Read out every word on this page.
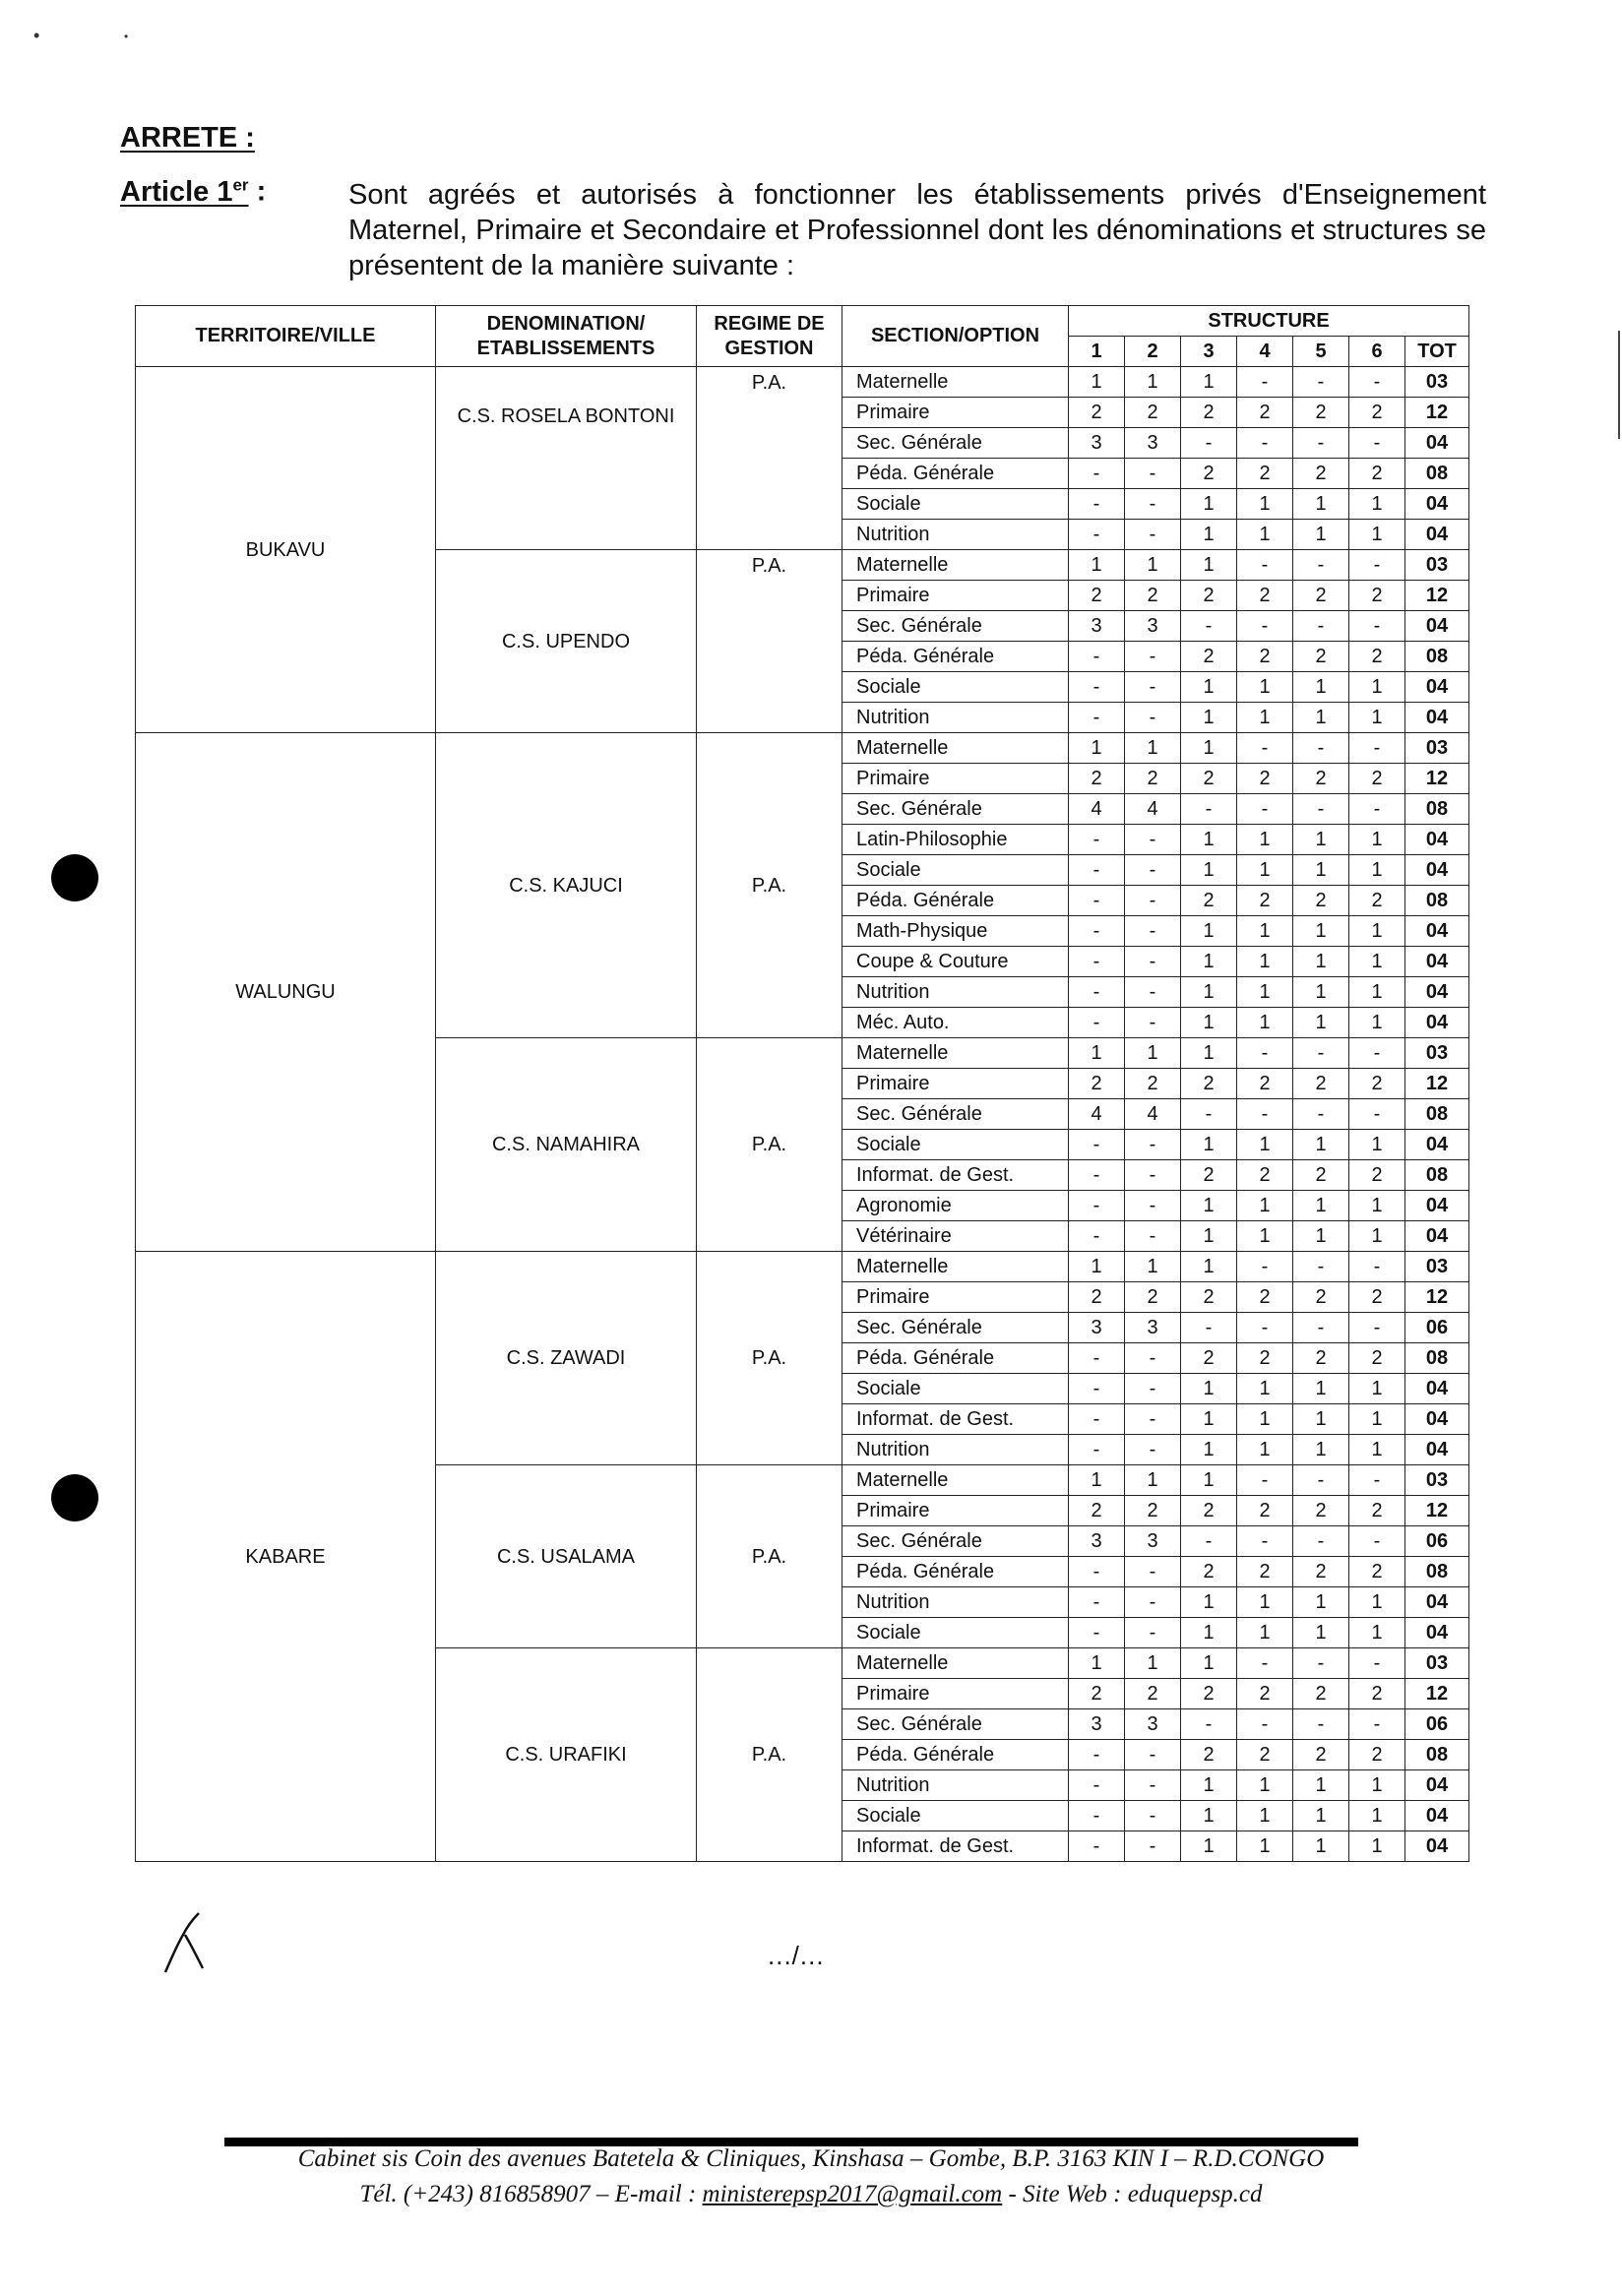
•	•
ARRETE :
Article 1er :	Sont agréés et autorisés à fonctionner les établissements privés d'Enseignement Maternel, Primaire et Secondaire et Professionnel dont les dénominations et structures se présentent de la manière suivante :
TERRITOIRE/VILLE	DENOMINATION/ ETABLISSEMENTS	REGIME DE GESTION	SECTION/OPTION	STRUCTURE						
				1	2	3	4	5	6	TOT
BUKAVU	C.S. ROSELA BONTONI	P.A.	Maternelle	1	1	1	-	-	-	03
			Primaire	2	2	2	2	2	2	12
			Sec. Générale	3	3	-	-	-	-	04
			Péda. Générale	-	-	2	2	2	2	08
			Sociale	-	-	1	1	1	1	04
			Nutrition	-	-	1	1	1	1	04
	C.S. UPENDO	P.A.	Maternelle	1	1	1	-	-	-	03
			Primaire	2	2	2	2	2	2	12
			Sec. Générale	3	3	-	-	-	-	04
			Péda. Générale	-	-	2	2	2	2	08
			Sociale	-	-	1	1	1	1	04
			Nutrition	-	-	1	1	1	1	04
WALUNGU	C.S. KAJUCI	P.A.	Maternelle	1	1	1	-	-	-	03
			Primaire	2	2	2	2	2	2	12
			Sec. Générale	4	4	-	-	-	-	08
			Latin-Philosophie	-	-	1	1	1	1	04
			Sociale	-	-	1	1	1	1	04
			Péda. Générale	-	-	2	2	2	2	08
			Math-Physique	-	-	1	1	1	1	04
			Coupe & Couture	-	-	1	1	1	1	04
			Nutrition	-	-	1	1	1	1	04
			Méc. Auto.	-	-	1	1	1	1	04
	C.S. NAMAHIRA	P.A.	Maternelle	1	1	1	-	-	-	03
			Primaire	2	2	2	2	2	2	12
			Sec. Générale	4	4	-	-	-	-	08
			Sociale	-	-	1	1	1	1	04
			Informat. de Gest.	-	-	2	2	2	2	08
			Agronomie	-	-	1	1	1	1	04
			Vétérinaire	-	-	1	1	1	1	04
KABARE	C.S. ZAWADI	P.A.	Maternelle	1	1	1	-	-	-	03
			Primaire	2	2	2	2	2	2	12
			Sec. Générale	3	3	-	-	-	-	06
			Péda. Générale	-	-	2	2	2	2	08
			Sociale	-	-	1	1	1	1	04
			Informat. de Gest.	-	-	1	1	1	1	04
			Nutrition	-	-	1	1	1	1	04
	C.S. USALAMA	P.A.	Maternelle	1	1	1	-	-	-	03
			Primaire	2	2	2	2	2	2	12
			Sec. Générale	3	3	-	-	-	-	06
			Péda. Générale	-	-	2	2	2	2	08
			Nutrition	-	-	1	1	1	1	04
			Sociale	-	-	1	1	1	1	04
	C.S. URAFIKI	P.A.	Maternelle	1	1	1	-	-	-	03
			Primaire	2	2	2	2	2	2	12
			Sec. Générale	3	3	-	-	-	-	06
			Péda. Générale	-	-	2	2	2	2	08
			Nutrition	-	-	1	1	1	1	04
			Sociale	-	-	1	1	1	1	04
			Informat. de Gest.	-	-	1	1	1	1	04
.../...
Cabinet sis Coin des avenues Batetela & Cliniques, Kinshasa – Gombe, B.P. 3163 KIN I – R.D.CONGO
Tél. (+243) 816858907 – E-mail : ministerepsp2017@gmail.com - Site Web : eduquepsp.cd
